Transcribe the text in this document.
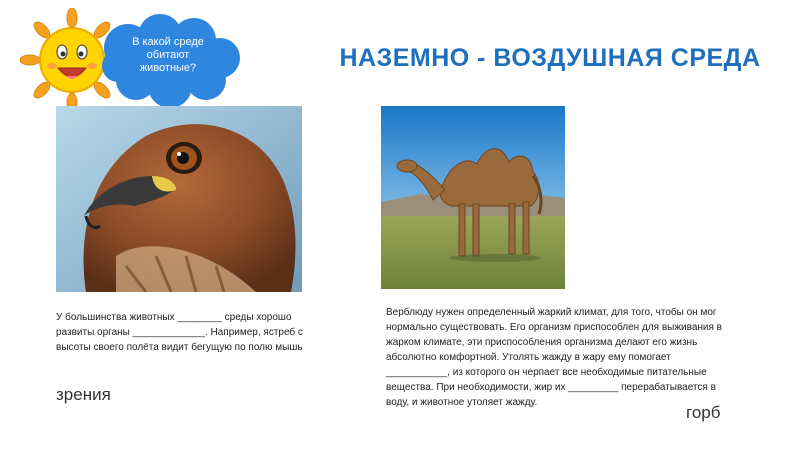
В какой среде обитают животные?	НАЗЕМНО - ВОЗДУШНАЯ СРЕДА
У большинства животных ________ среды хорошо развиты органы _____________. Например, ястреб с высоты своего полёта видит бегущую по полю мышь
Верблюду нужен определенный жаркий климат, для того, чтобы он мог нормально существовать. Его организм приспособлен для выживания в жарком климате, эти приспособления организма делают его жизнь абсолютно комфортной. Утолять жажду в жару ему помогает ___________, из которого он черпает все необходимые питательные вещества. При необходимости, жир их _________ перерабатывается в воду, и животное утоляет жажду.
зрения
горб
